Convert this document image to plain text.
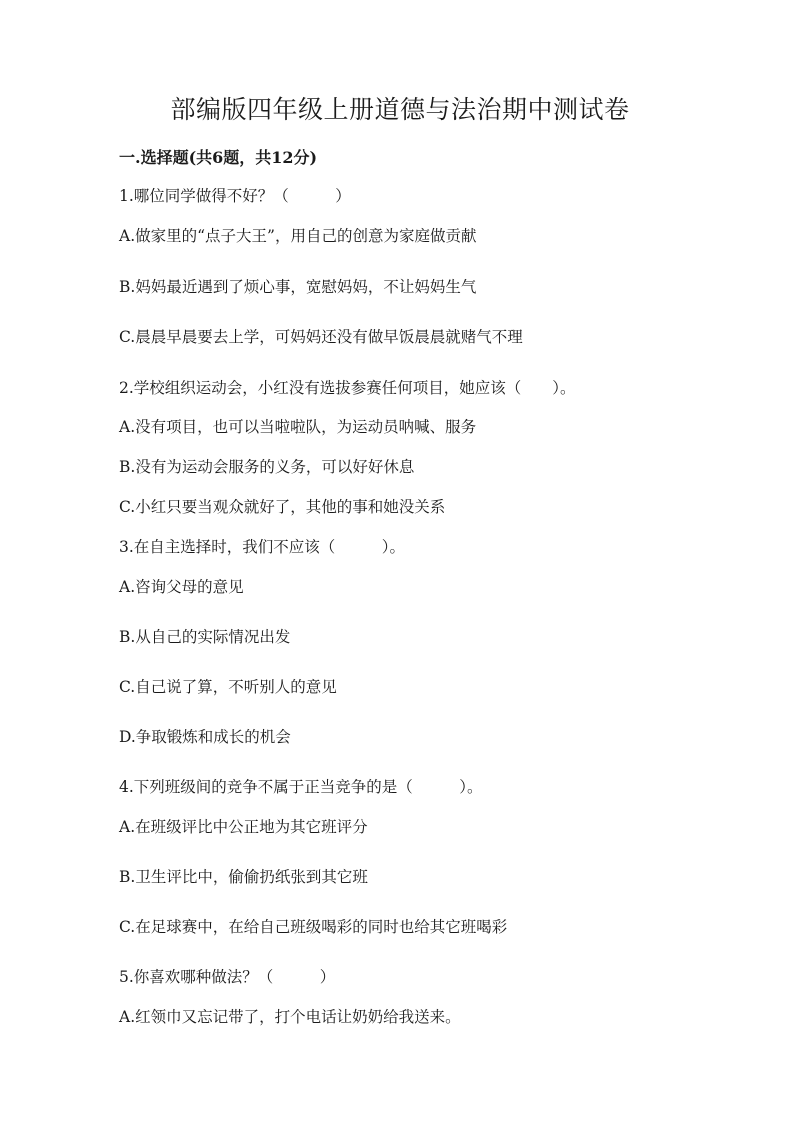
部编版四年级上册道德与法治期中测试卷
一.选择题(共6题，共12分)
1.哪位同学做得不好？（　　　）
A.做家里的“点子大王”，用自己的创意为家庭做贡献
B.妈妈最近遇到了烦心事，宽慰妈妈，不让妈妈生气
C.晨晨早晨要去上学，可妈妈还没有做早饭晨晨就赌气不理
2.学校组织运动会，小红没有选拔参赛任何项目，她应该（　　）。
A.没有项目，也可以当啦啦队，为运动员呐喊、服务
B.没有为运动会服务的义务，可以好好休息
C.小红只要当观众就好了，其他的事和她没关系
3.在自主选择时，我们不应该（　　　）。
A.咨询父母的意见
B.从自己的实际情况出发
C.自己说了算，不听别人的意见
D.争取锻炼和成长的机会
4.下列班级间的竞争不属于正当竞争的是（　　　）。
A.在班级评比中公正地为其它班评分
B.卫生评比中，偷偷扔纸张到其它班
C.在足球赛中，在给自己班级喝彩的同时也给其它班喝彩
5.你喜欢哪种做法？（　　　）
A.红领巾又忘记带了，打个电话让奶奶给我送来。
